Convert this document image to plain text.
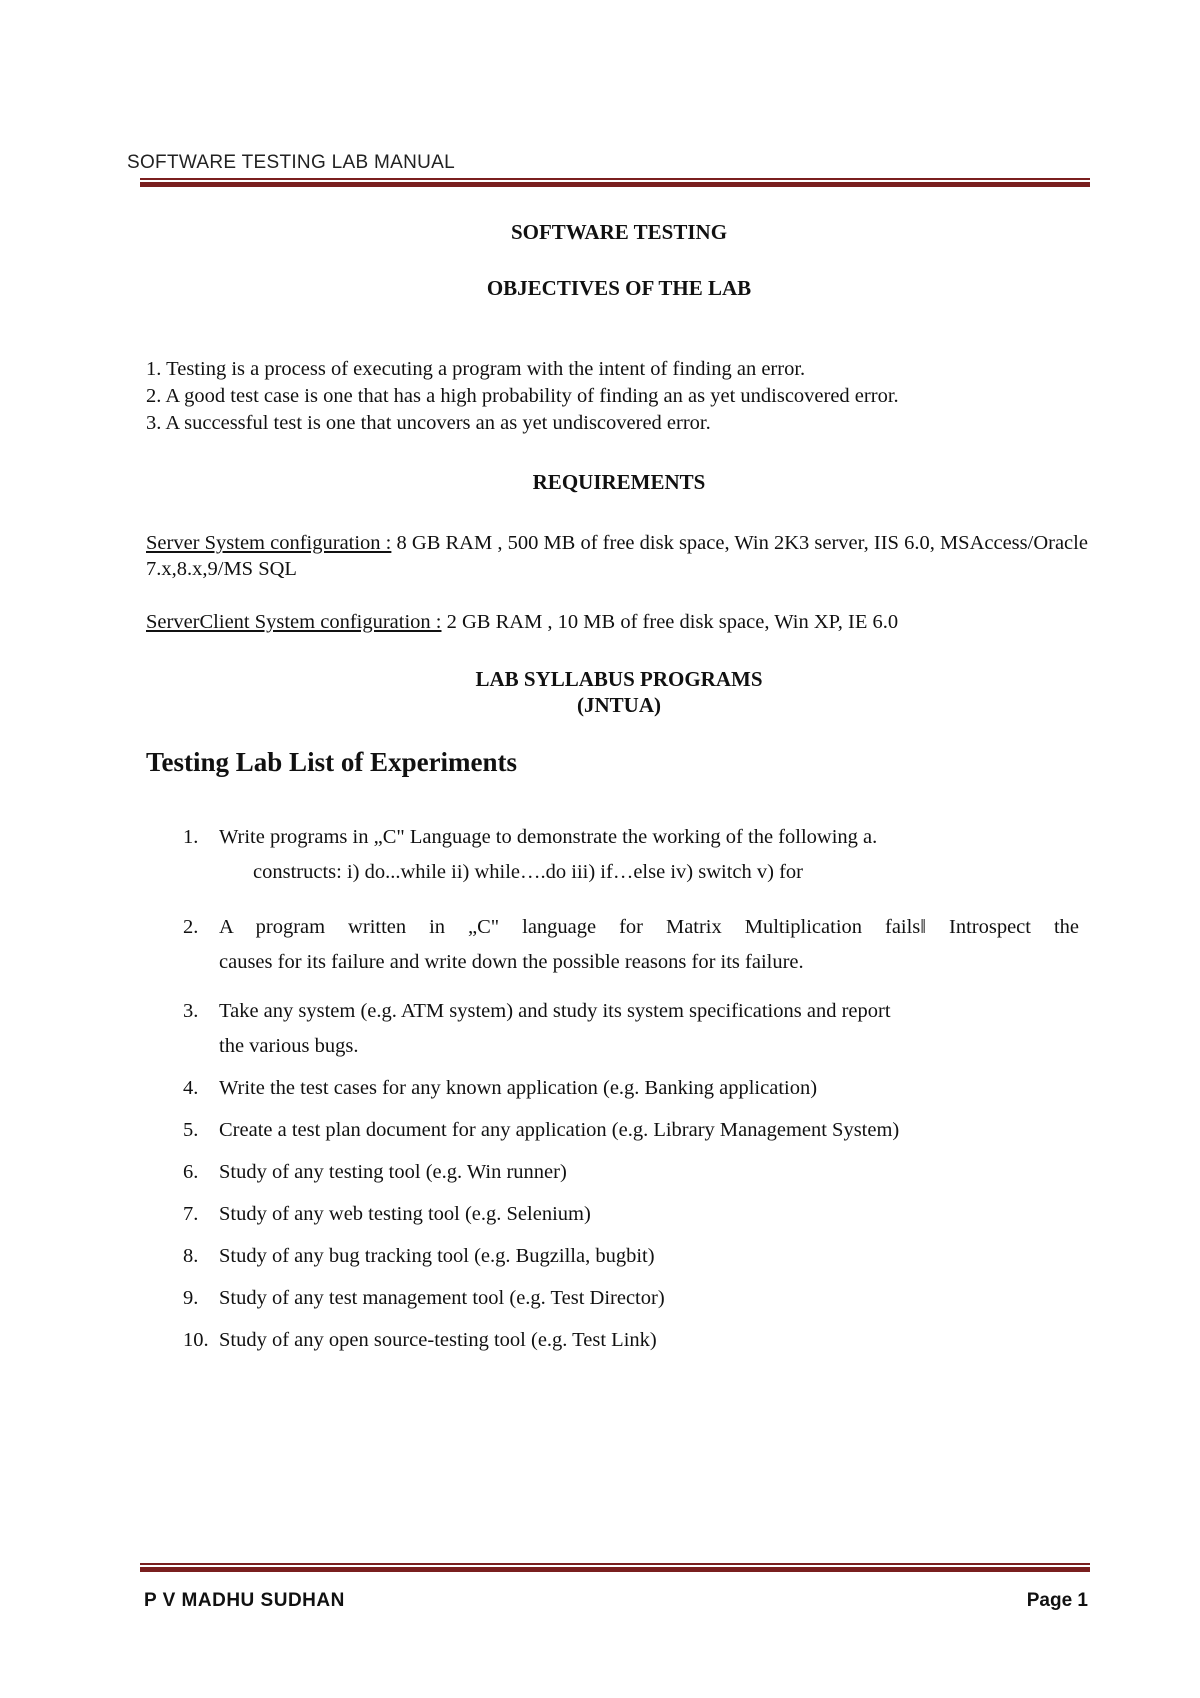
SOFTWARE TESTING LAB MANUAL
SOFTWARE TESTING
OBJECTIVES OF THE LAB
1. Testing is a process of executing a program with the intent of finding an error.
2. A good test case is one that has a high probability of finding an as yet undiscovered error.
3. A successful test is one that uncovers an as yet undiscovered error.
REQUIREMENTS
Server System configuration : 8 GB RAM , 500 MB of free disk space, Win 2K3 server, IIS 6.0, MSAccess/Oracle 7.x,8.x,9/MS SQL
ServerClient System configuration : 2 GB RAM , 10 MB of free disk space, Win XP, IE 6.0
LAB SYLLABUS PROGRAMS
(JNTUA)
Testing Lab List of Experiments
1. Write programs in „C" Language to demonstrate the working of the following a.
constructs: i) do...while ii) while….do iii) if…else iv) switch v) for
2. A program written in „C" language for Matrix Multiplication fails‖ Introspect the
causes for its failure and write down the possible reasons for its failure.
3. Take any system (e.g. ATM system) and study its system specifications and report
the various bugs.
4. Write the test cases for any known application (e.g. Banking application)
5. Create a test plan document for any application (e.g. Library Management System)
6. Study of any testing tool (e.g. Win runner)
7. Study of any web testing tool (e.g. Selenium)
8. Study of any bug tracking tool (e.g. Bugzilla, bugbit)
9. Study of any test management tool (e.g. Test Director)
10. Study of any open source-testing tool (e.g. Test Link)
P V MADHU SUDHAN	Page 1
